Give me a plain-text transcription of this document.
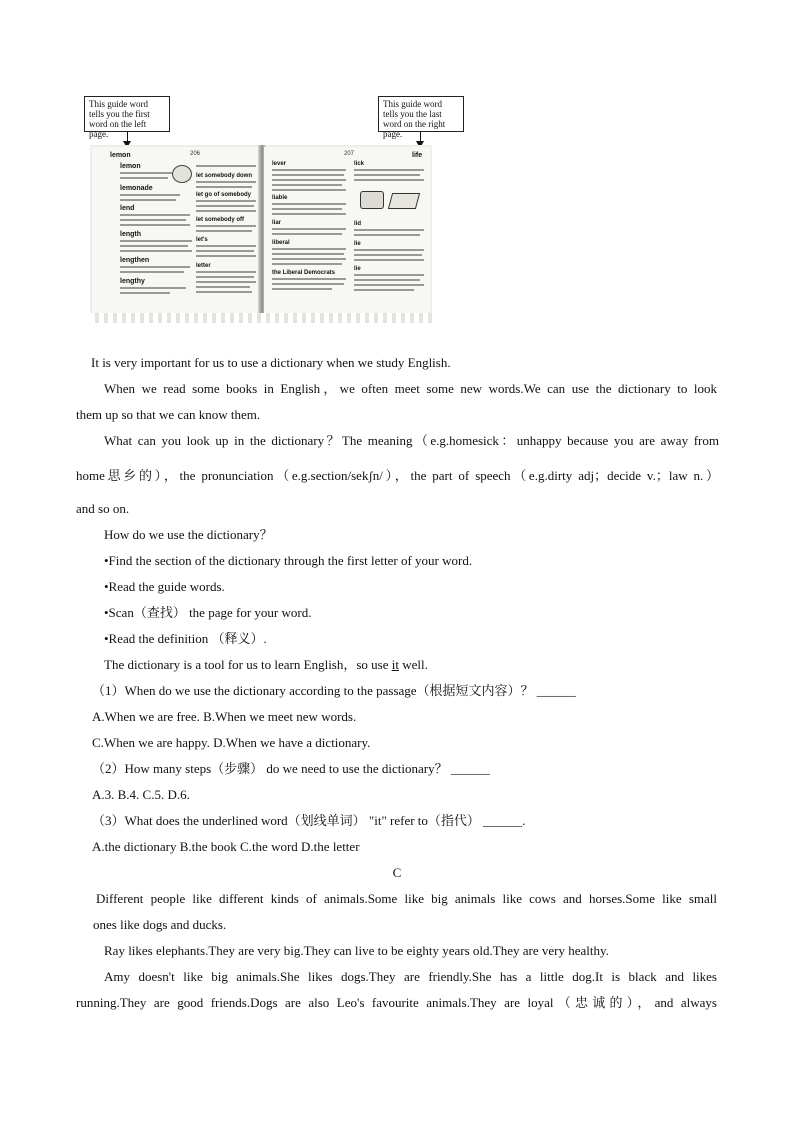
This guide word tells you the first word on the left page.
This guide word tells you the last word on the right page.
lemon	206
lemon
lemonade
lend
length
lengthen
lengthy
let somebody down
let go of somebody
let somebody off
let's
letter
207	life
lever
liable
liar
liberal
the Liberal Democrats
lick
lid
lie
lie
It is very important for us to use a dictionary when we study English.
When we read some books in English，we often meet some new words.We can use the dictionary to look
them up so that we can know them.
What can you look up in the dictionary？The meaning（e.g.homesick：unhappy because you are away from
home思乡的），the pronunciation（e.g.section/sekʃn/），the part of speech（e.g.dirty adj；decide v.；law n.）
and so on.
How do we use the dictionary？
•Find the section of the dictionary through the first letter of your word.
•Read the guide words.
•Scan（查找） the page for your word.
•Read the definition （释义）.
The dictionary is a tool for us to learn English，so use it well.
（1）When do we use the dictionary according to the passage（根据短文内容）？ ______
A.When we are free. B.When we meet new words.
C.When we are happy. D.When we have a dictionary.
（2）How many steps（步骤） do we need to use the dictionary？ ______
A.3. B.4. C.5. D.6.
（3）What does the underlined word（划线单词） "it" refer to（指代） ______.
A.the dictionary B.the book C.the word D.the letter
C
Different people like different kinds of animals.Some like big animals like cows and horses.Some like small
ones like dogs and ducks.
Ray likes elephants.They are very big.They can live to be eighty years old.They are very healthy.
Amy doesn't like big animals.She likes dogs.They are friendly.She has a little dog.It is black and likes
running.They are good friends.Dogs are also Leo's favourite animals.They are loyal（忠诚的），and always
